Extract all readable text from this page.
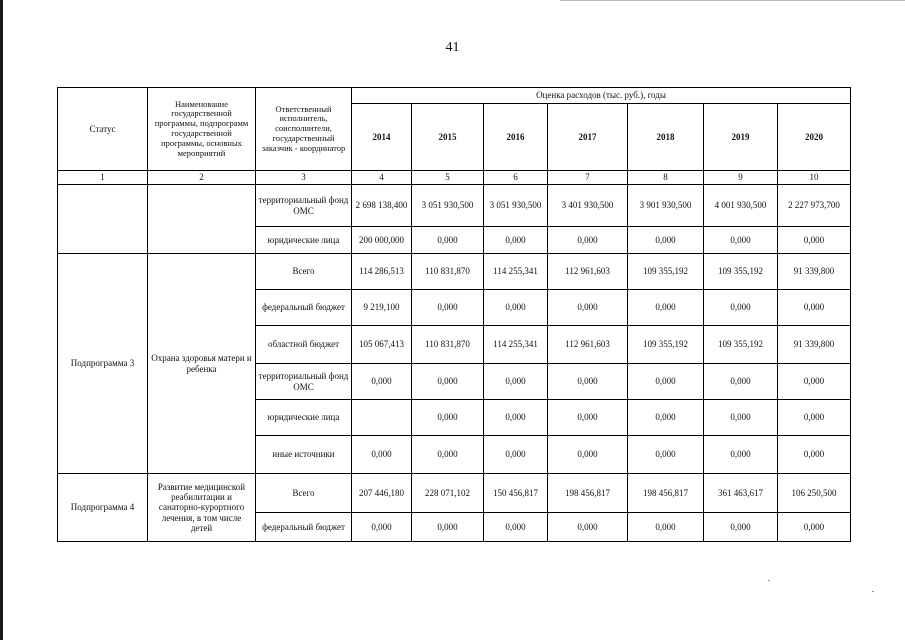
41
Статус	Наименование государственной программы, подпрограмм государственной программы, основных мероприятий	Ответственный исполнитель, соисполнители, государственный заказчик - координатор	Оценка расходов (тыс. руб.), годы						
			2014	2015	2016	2017	2018	2019	2020
1	2	3	4	5	6	7	8	9	10
		территориальный фонд ОМС	2 698 138,400	3 051 930,500	3 051 930,500	3 401 930,500	3 901 930,500	4 001 930,500	2 227 973,700
		юридические лица	200 000,000	0,000	0,000	0,000	0,000	0,000	0,000
Подпрограмма 3	Охрана здоровья матери и ребенка	Всего	114 286,513	110 831,870	114 255,341	112 961,603	109 355,192	109 355,192	91 339,800
		федеральный бюджет	9 219,100	0,000	0,000	0,000	0,000	0,000	0,000
		областной бюджет	105 067,413	110 831,870	114 255,341	112 961,603	109 355,192	109 355,192	91 339,800
		территориальный фонд ОМС	0,000	0,000	0,000	0,000	0,000	0,000	0,000
		юридические лица		0,000	0,000	0,000	0,000	0,000	0,000
		иные источники	0,000	0,000	0,000	0,000	0,000	0,000	0,000
Подпрограмма 4	Развитие медицинской реабилитации и санаторно-курортного лечения, в том числе детей	Всего	207 446,180	228 071,102	150 456,817	198 456,817	198 456,817	361 463,617	106 250,500
		федеральный бюджет	0,000	0,000	0,000	0,000	0,000	0,000	0,000
